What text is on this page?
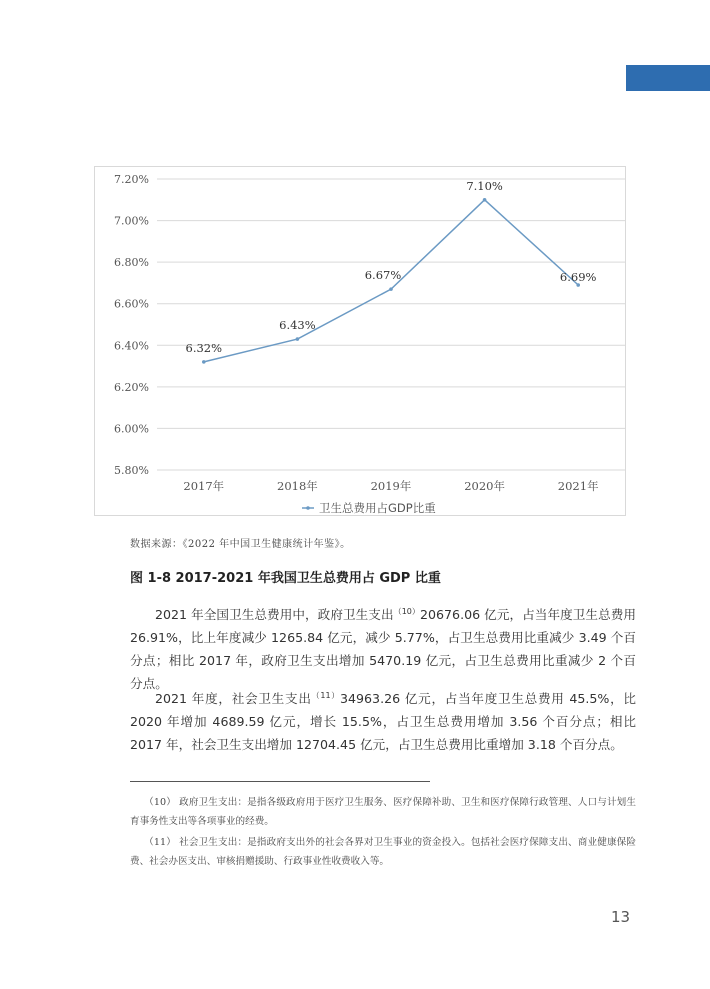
5.80%
6.00%
6.20%
6.40%
6.60%
6.80%
7.00%
7.20%
2017年	2018年	2019年	2020年	2021年
6.32%
6.43%
6.67%
7.10%
6.69%
卫生总费用占GDP比重
数据来源：《2022 年中国卫生健康统计年鉴》。
图 1-8 2017-2021 年我国卫生总费用占 GDP 比重
2021 年全国卫生总费用中，政府卫生支出$^{(10)}$20676.06 亿元，占当年度卫生总费用 26.91%，比上年度减少 1265.84 亿元，减少 5.77%，占卫生总费用比重减少 3.49 个百分点；相比 2017 年，政府卫生支出增加 5470.19 亿元，占卫生总费用比重减少 2 个百分点。
2021 年度，社会卫生支出$^{(11)}$34963.26 亿元，占当年度卫生总费用 45.5%，比 2020 年增加 4689.59 亿元，增长 15.5%，占卫生总费用增加 3.56 个百分点；相比 2017 年，社会卫生支出增加 12704.45 亿元，占卫生总费用比重增加 3.18 个百分点。
（10） 政府卫生支出：是指各级政府用于医疗卫生服务、医疗保障补助、卫生和医疗保障行政管理、人口与计划生育事务性支出等各项事业的经费。
（11） 社会卫生支出：是指政府支出外的社会各界对卫生事业的资金投入。包括社会医疗保障支出、商业健康保险费、社会办医支出、审核捐赠援助、行政事业性收费收入等。
13
